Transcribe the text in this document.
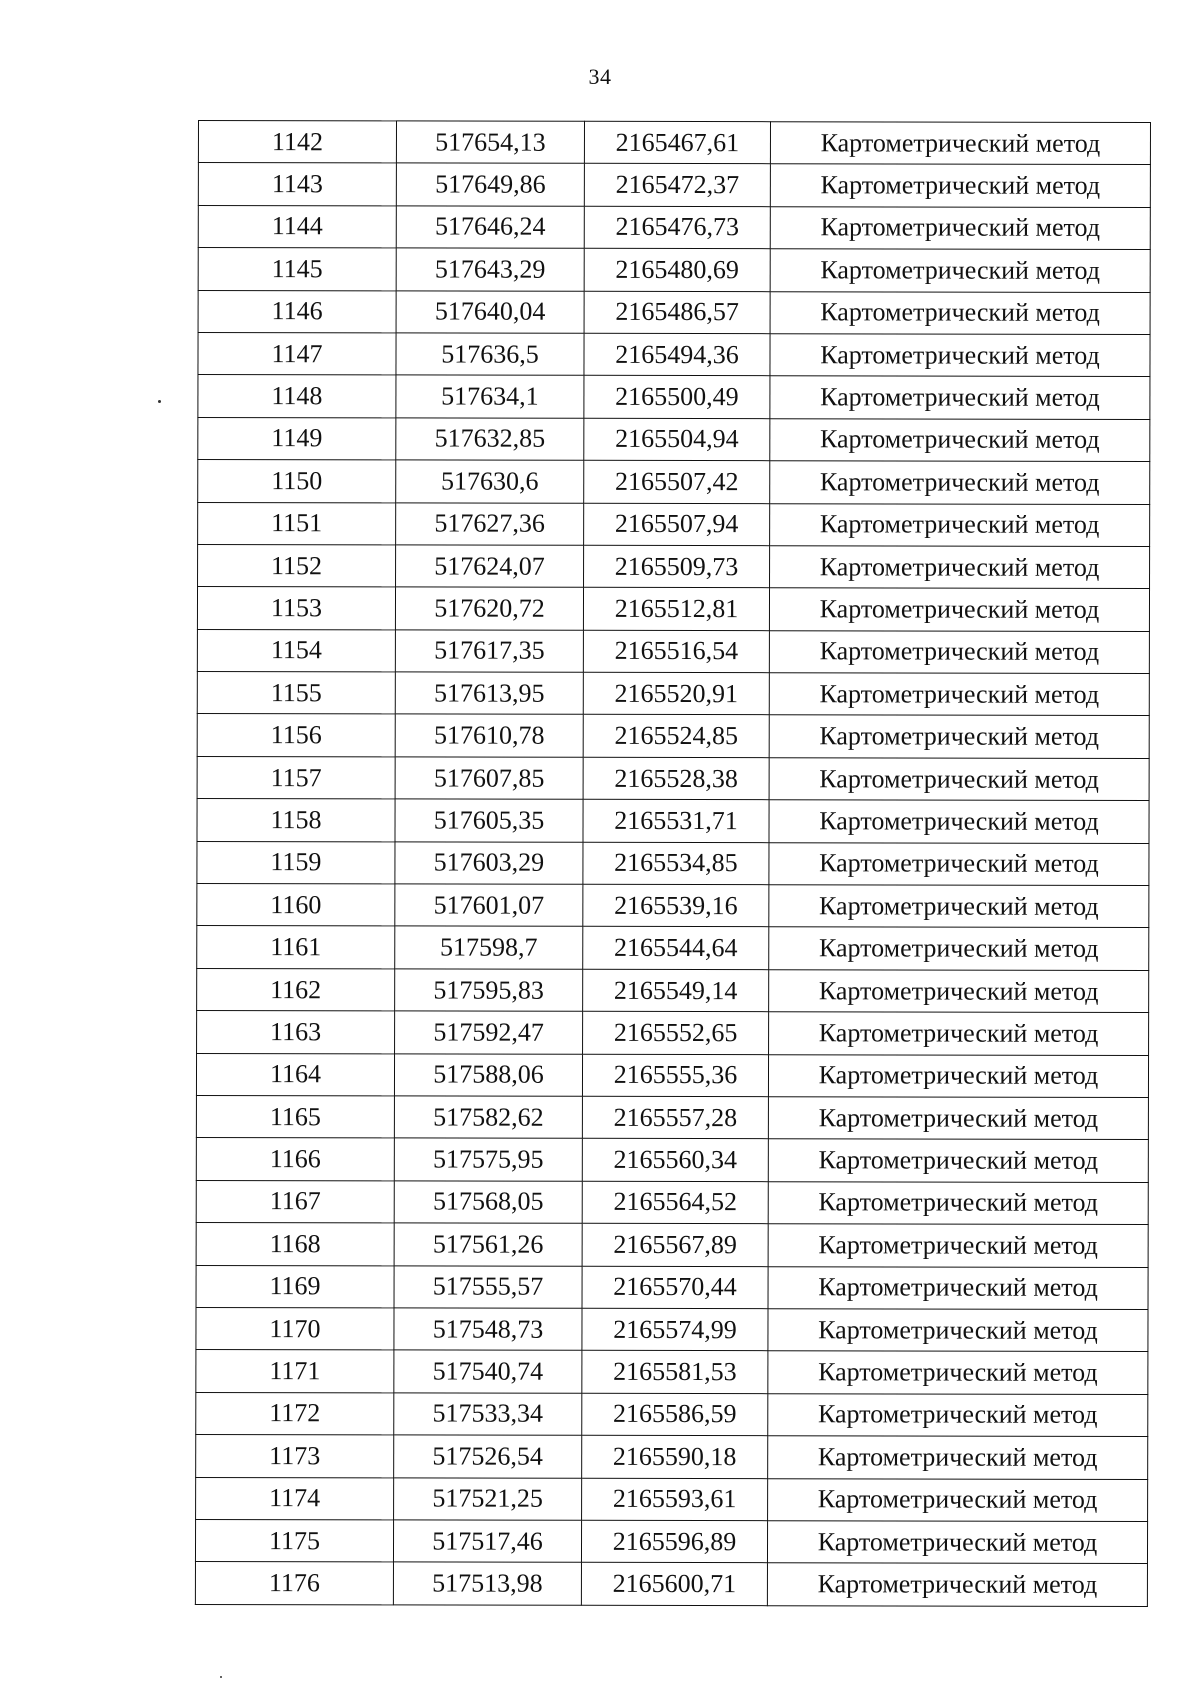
34
1142	517654,13	2165467,61	Картометрический метод
1143	517649,86	2165472,37	Картометрический метод
1144	517646,24	2165476,73	Картометрический метод
1145	517643,29	2165480,69	Картометрический метод
1146	517640,04	2165486,57	Картометрический метод
1147	517636,5	2165494,36	Картометрический метод
1148	517634,1	2165500,49	Картометрический метод
1149	517632,85	2165504,94	Картометрический метод
1150	517630,6	2165507,42	Картометрический метод
1151	517627,36	2165507,94	Картометрический метод
1152	517624,07	2165509,73	Картометрический метод
1153	517620,72	2165512,81	Картометрический метод
1154	517617,35	2165516,54	Картометрический метод
1155	517613,95	2165520,91	Картометрический метод
1156	517610,78	2165524,85	Картометрический метод
1157	517607,85	2165528,38	Картометрический метод
1158	517605,35	2165531,71	Картометрический метод
1159	517603,29	2165534,85	Картометрический метод
1160	517601,07	2165539,16	Картометрический метод
1161	517598,7	2165544,64	Картометрический метод
1162	517595,83	2165549,14	Картометрический метод
1163	517592,47	2165552,65	Картометрический метод
1164	517588,06	2165555,36	Картометрический метод
1165	517582,62	2165557,28	Картометрический метод
1166	517575,95	2165560,34	Картометрический метод
1167	517568,05	2165564,52	Картометрический метод
1168	517561,26	2165567,89	Картометрический метод
1169	517555,57	2165570,44	Картометрический метод
1170	517548,73	2165574,99	Картометрический метод
1171	517540,74	2165581,53	Картометрический метод
1172	517533,34	2165586,59	Картометрический метод
1173	517526,54	2165590,18	Картометрический метод
1174	517521,25	2165593,61	Картометрический метод
1175	517517,46	2165596,89	Картометрический метод
1176	517513,98	2165600,71	Картометрический метод
